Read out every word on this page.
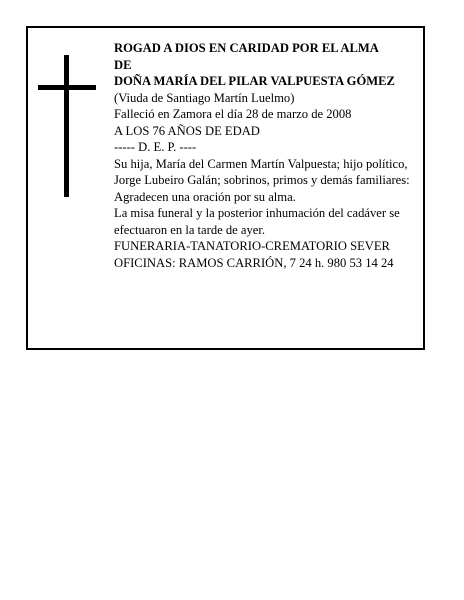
ROGAD A DIOS EN CARIDAD POR EL ALMA
DE
DOÑA MARÍA DEL PILAR VALPUESTA GÓMEZ
(Viuda de Santiago Martín Luelmo)
Falleció en Zamora el día 28 de marzo de 2008
A LOS 76 AÑOS DE EDAD
----- D. E. P. ----
Su hija, María del Carmen Martín Valpuesta; hijo político, Jorge Lubeiro Galán; sobrinos, primos y demás familiares:
Agradecen una oración por su alma.
La misa funeral y la posterior inhumación del cadáver se efectuaron en la tarde de ayer.
FUNERARIA-TANATORIO-CREMATORIO SEVER
OFICINAS: RAMOS CARRIÓN, 7 24 h. 980 53 14 24
